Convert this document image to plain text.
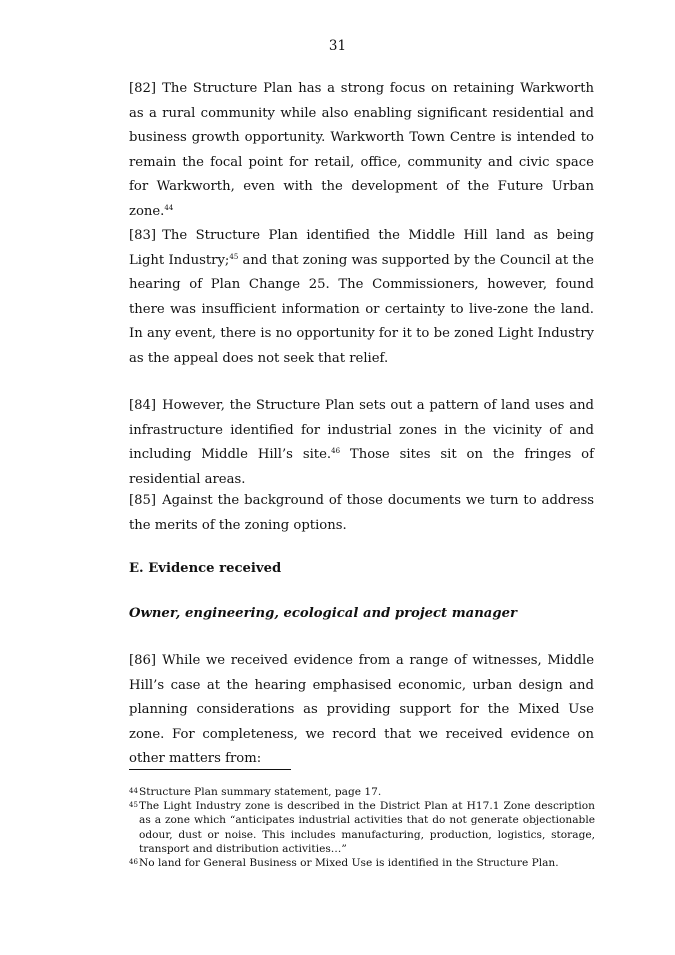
31

[82] The Structure Plan has a strong focus on retaining Warkworth as a rural community while also enabling significant residential and business growth opportunity. Warkworth Town Centre is intended to remain the focal point for retail, office, community and civic space for Warkworth, even with the development of the Future Urban zone.$^{44}$

[83] The Structure Plan identified the Middle Hill land as being Light Industry;$^{45}$ and that zoning was supported by the Council at the hearing of Plan Change 25. The Commissioners, however, found there was insufficient information or certainty to live-zone the land. In any event, there is no opportunity for it to be zoned Light Industry as the appeal does not seek that relief.

[84] However, the Structure Plan sets out a pattern of land uses and infrastructure identified for industrial zones in the vicinity of and including Middle Hill’s site.$^{46}$ Those sites sit on the fringes of residential areas.

[85] Against the background of those documents we turn to address the merits of the zoning options.

E. Evidence received
Owner, engineering, ecological and project manager

[86] While we received evidence from a range of witnesses, Middle Hill’s case at the hearing emphasised economic, urban design and planning considerations as providing support for the Mixed Use zone. For completeness, we record that we received evidence on other matters from:

44 Structure Plan summary statement, page 17.

45 The Light Industry zone is described in the District Plan at H17.1 Zone description as a zone which “anticipates industrial activities that do not generate objectionable odour, dust or noise. This includes manufacturing, production, logistics, storage, transport and distribution activities…”

46 No land for General Business or Mixed Use is identified in the Structure Plan.
